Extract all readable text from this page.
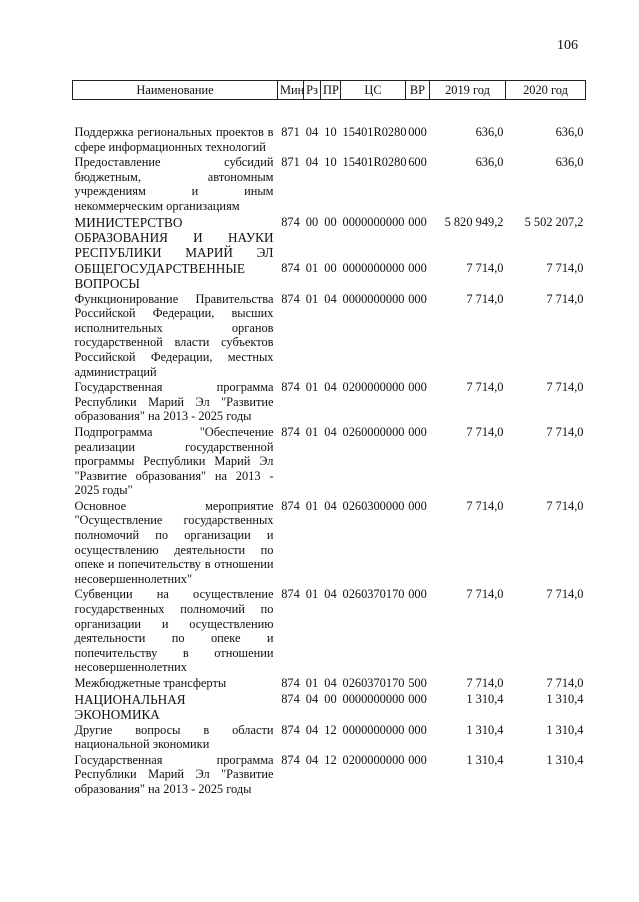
106
Наименование	Мин	Рз	ПР	ЦС	ВР	2019 год	2020 год
Поддержка региональных проектов в сфере информационных технологий	871	04	10	15401R0280	000	636,0	636,0
Предоставление субсидий бюджетным, автономным учреждениям и иным некоммерческим организациям	871	04	10	15401R0280	600	636,0	636,0
МИНИСТЕРСТВО ОБРАЗОВАНИЯ И НАУКИ РЕСПУБЛИКИ МАРИЙ ЭЛ	874	00	00	0000000000	000	5 820 949,2	5 502 207,2
ОБЩЕГОСУДАРСТВЕННЫЕ ВОПРОСЫ	874	01	00	0000000000	000	7 714,0	7 714,0
Функционирование Правительства Российской Федерации, высших исполнительных органов государственной власти субъектов Российской Федерации, местных администраций	874	01	04	0000000000	000	7 714,0	7 714,0
Государственная программа Республики Марий Эл "Развитие образования" на 2013 - 2025 годы	874	01	04	0200000000	000	7 714,0	7 714,0
Подпрограмма "Обеспечение реализации государственной программы Республики Марий Эл "Развитие образования" на 2013 - 2025 годы"	874	01	04	0260000000	000	7 714,0	7 714,0
Основное мероприятие "Осуществление государственных полномочий по организации и осуществлению деятельности по опеке и попечительству в отношении несовершеннолетних"	874	01	04	0260300000	000	7 714,0	7 714,0
Субвенции на осуществление государственных полномочий по организации и осуществлению деятельности по опеке и попечительству в отношении несовершеннолетних	874	01	04	0260370170	000	7 714,0	7 714,0
Межбюджетные трансферты	874	01	04	0260370170	500	7 714,0	7 714,0
НАЦИОНАЛЬНАЯ ЭКОНОМИКА	874	04	00	0000000000	000	1 310,4	1 310,4
Другие вопросы в области национальной экономики	874	04	12	0000000000	000	1 310,4	1 310,4
Государственная программа Республики Марий Эл "Развитие образования" на 2013 - 2025 годы	874	04	12	0200000000	000	1 310,4	1 310,4
